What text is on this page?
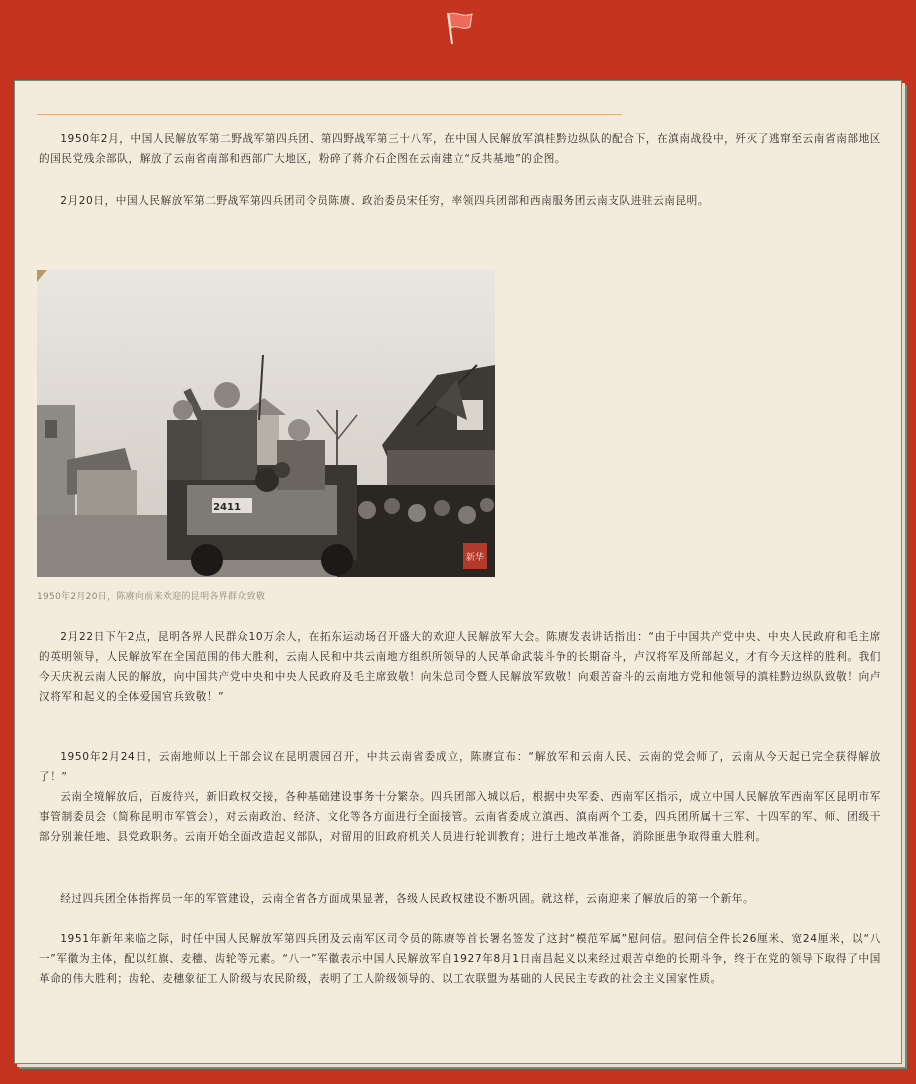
1950年2月，中国人民解放军第二野战军第四兵团、第四野战军第三十八军，在中国人民解放军滇桂黔边纵队的配合下，在滇南战役中，歼灭了逃窜至云南省南部地区的国民党残余部队，解放了云南省南部和西部广大地区，粉碎了蒋介石企图在云南建立“反共基地”的企图。

2月20日，中国人民解放军第二野战军第四兵团司令员陈赓、政治委员宋任穷，率领四兵团部和西南服务团云南支队进驻云南昆明。

新华
2411

1950年2月20日，陈赓向前来欢迎的昆明各界群众致敬

2月22日下午2点，昆明各界人民群众10万余人，在拓东运动场召开盛大的欢迎人民解放军大会。陈赓发表讲话指出：“由于中国共产党中央、中央人民政府和毛主席的英明领导，人民解放军在全国范围的伟大胜利，云南人民和中共云南地方组织所领导的人民革命武装斗争的长期奋斗，卢汉将军及所部起义，才有今天这样的胜利。我们今天庆祝云南人民的解放，向中国共产党中央和中央人民政府及毛主席致敬！向朱总司令暨人民解放军致敬！向艰苦奋斗的云南地方党和他领导的滇桂黔边纵队致敬！向卢汉将军和起义的全体爱国官兵致敬！”

1950年2月24日，云南地师以上干部会议在昆明震园召开，中共云南省委成立，陈赓宣布：“解放军和云南人民、云南的党会师了，云南从今天起已完全获得解放了！”

云南全境解放后，百废待兴，新旧政权交接，各种基础建设事务十分繁杂。四兵团部入城以后，根据中央军委、西南军区指示，成立中国人民解放军西南军区昆明市军事管制委员会（简称昆明市军管会），对云南政治、经济、文化等各方面进行全面接管。云南省委成立滇西、滇南两个工委，四兵团所属十三军、十四军的军、师、团级干部分别兼任地、县党政职务。云南开始全面改造起义部队，对留用的旧政府机关人员进行轮训教育；进行土地改革准备，消除匪患争取得重大胜利。

经过四兵团全体指挥员一年的军管建设，云南全省各方面成果显著，各级人民政权建设不断巩固。就这样，云南迎来了解放后的第一个新年。

1951年新年来临之际，时任中国人民解放军第四兵团及云南军区司令员的陈赓等首长署名签发了这封“模范军属”慰问信。慰问信全件长26厘米、宽24厘米，以“八一”军徽为主体，配以红旗、麦穗、齿轮等元素。“八一”军徽表示中国人民解放军自1927年8月1日南昌起义以来经过艰苦卓绝的长期斗争，终于在党的领导下取得了中国革命的伟大胜利；齿轮、麦穗象征工人阶级与农民阶级，表明了工人阶级领导的、以工农联盟为基础的人民民主专政的社会主义国家性质。
